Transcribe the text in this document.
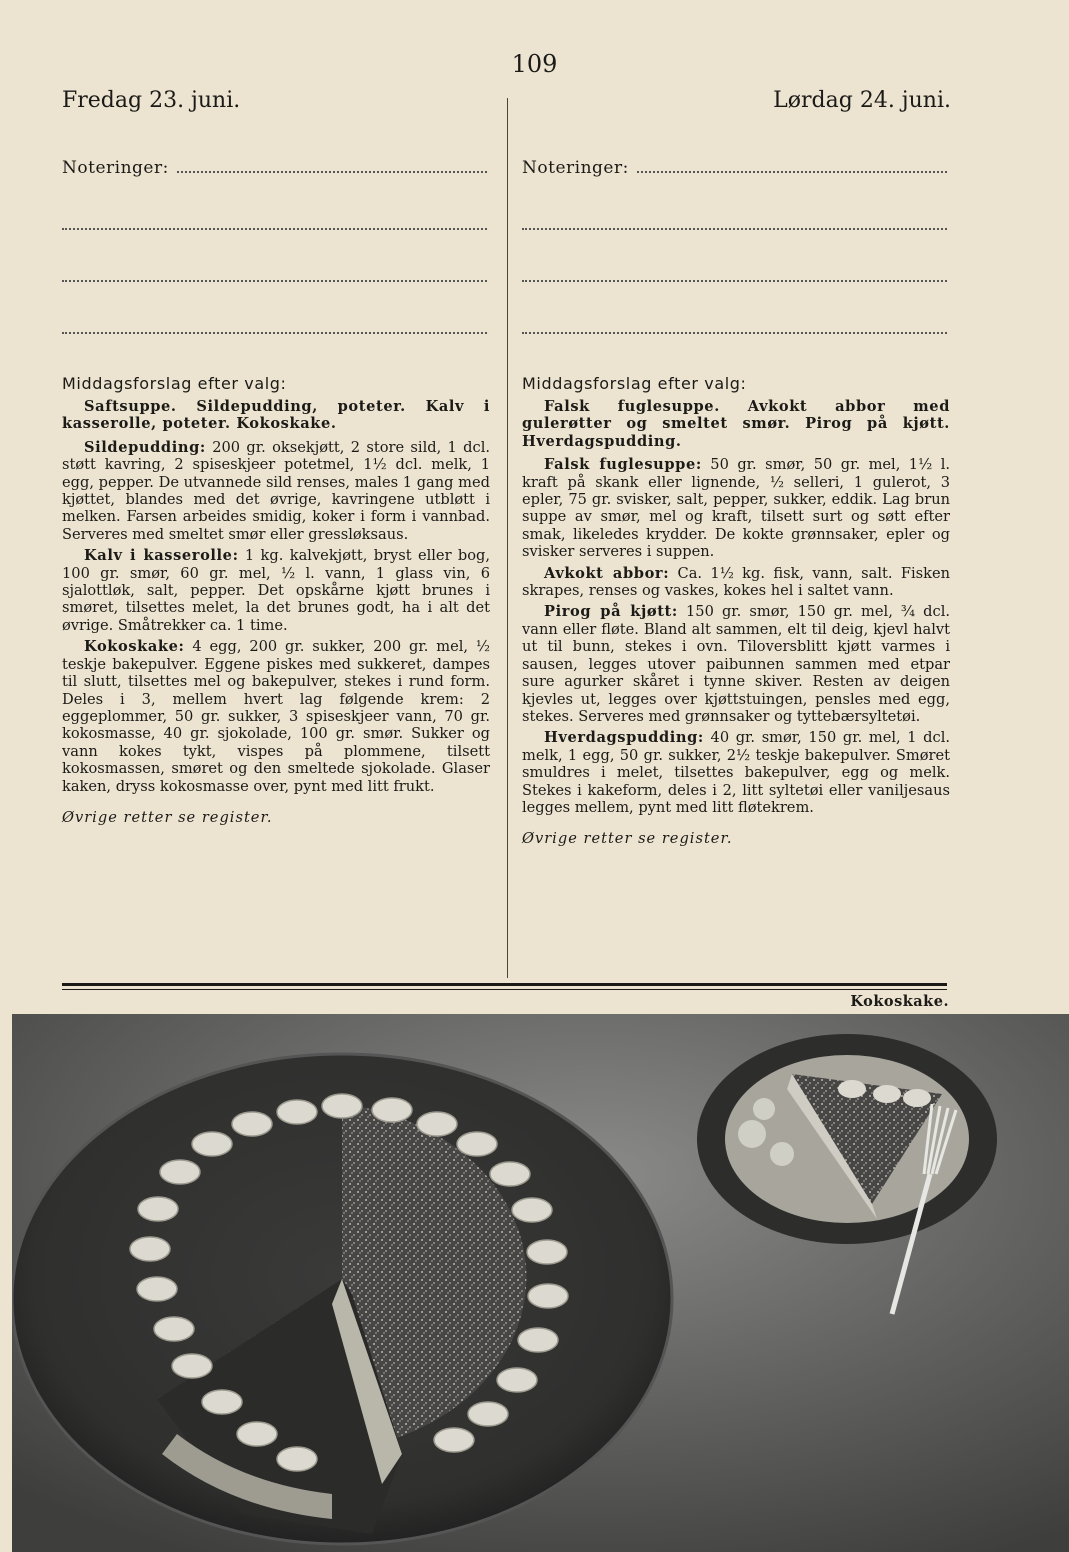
109
Fredag 23. juni.	Lørdag 24. juni.
Noteringer:	Noteringer:
Middagsforslag efter valg:	Middagsforslag efter valg:

Saftsuppe. Sildepudding, poteter. Kalv i kasserolle, poteter. Kokoskake.

Sildepudding: 200 gr. oksekjøtt, 2 store sild, 1 dcl. støtt kavring, 2 spiseskjeer potetmel, 1½ dcl. melk, 1 egg, pepper. De utvannede sild renses, males 1 gang med kjøttet, blandes med det øvrige, kavringene utbløtt i melken. Farsen arbeides smidig, koker i form i vannbad. Serveres med smeltet smør eller gressløksaus.

Kalv i kasserolle: 1 kg. kalvekjøtt, bryst eller bog, 100 gr. smør, 60 gr. mel, ½ l. vann, 1 glass vin, 6 sjalottløk, salt, pepper. Det opskårne kjøtt brunes i smøret, tilsettes melet, la det brunes godt, ha i alt det øvrige. Småtrekker ca. 1 time.

Kokoskake: 4 egg, 200 gr. sukker, 200 gr. mel, ½ teskje bakepulver. Eggene piskes med sukkeret, dampes til slutt, tilsettes mel og bakepulver, stekes i rund form. Deles i 3, mellem hvert lag følgende krem: 2 eggeplommer, 50 gr. sukker, 3 spiseskjeer vann, 70 gr. kokosmasse, 40 gr. sjokolade, 100 gr. smør. Sukker og vann kokes tykt, vispes på plommene, tilsett kokosmassen, smøret og den smeltede sjokolade. Glaser kaken, dryss kokosmasse over, pynt med litt frukt.

Øvrige retter se register.

Falsk fuglesuppe. Avkokt abbor med gulerøtter og smeltet smør. Pirog på kjøtt. Hverdagspudding.

Falsk fuglesuppe: 50 gr. smør, 50 gr. mel, 1½ l. kraft på skank eller lignende, ½ selleri, 1 gulerot, 3 epler, 75 gr. svisker, salt, pepper, sukker, eddik. Lag brun suppe av smør, mel og kraft, tilsett surt og søtt efter smak, likeledes krydder. De kokte grønnsaker, epler og svisker serveres i suppen.

Avkokt abbor: Ca. 1½ kg. fisk, vann, salt. Fisken skrapes, renses og vaskes, kokes hel i saltet vann.

Pirog på kjøtt: 150 gr. smør, 150 gr. mel, ¾ dcl. vann eller fløte. Bland alt sammen, elt til deig, kjevl halvt ut til bunn, stekes i ovn. Tiloversblitt kjøtt varmes i sausen, legges utover paibunnen sammen med etpar sure agurker skåret i tynne skiver. Resten av deigen kjevles ut, legges over kjøttstuingen, pensles med egg, stekes. Serveres med grønnsaker og tyttebærsyltetøi.

Hverdagspudding: 40 gr. smør, 150 gr. mel, 1 dcl. melk, 1 egg, 50 gr. sukker, 2½ teskje bakepulver. Smøret smuldres i melet, tilsettes bakepulver, egg og melk. Stekes i kakeform, deles i 2, litt syltetøi eller vaniljesaus legges mellem, pynt med litt fløtekrem.

Øvrige retter se register.

Kokoskake.
